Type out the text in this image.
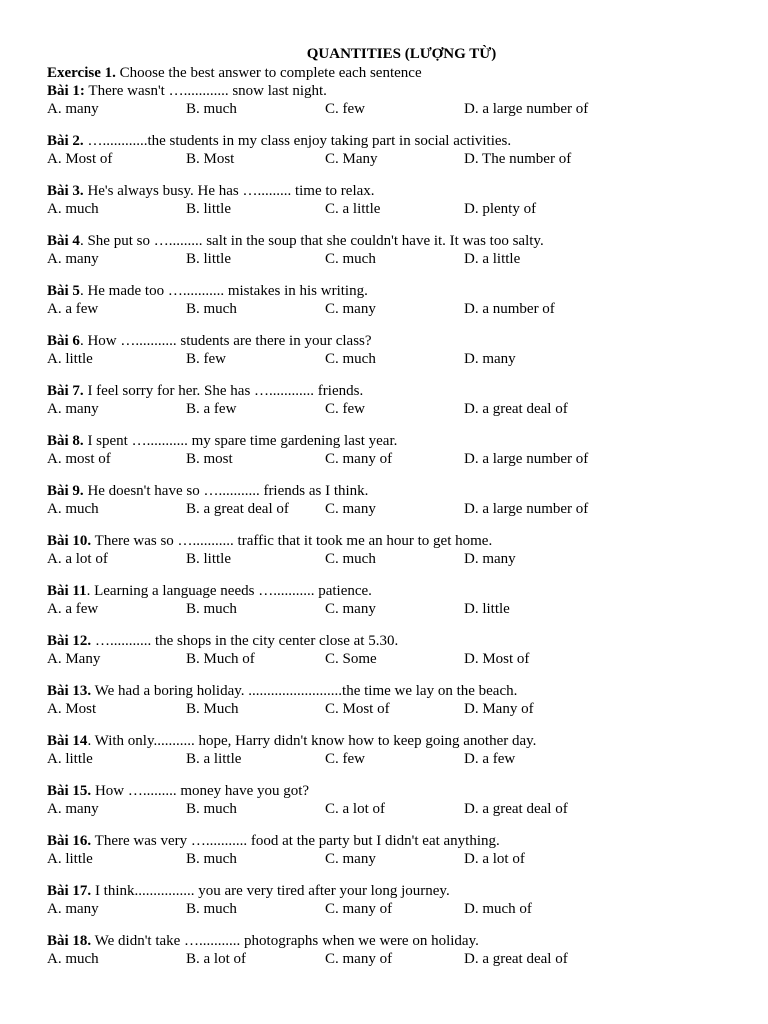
QUANTITIES (LƯỢNG TỪ)
Exercise 1. Choose the best answer to complete each sentence
Bài 1: There wasn't …............ snow last night.
A. many	B. much	C. few	D. a large number of
Bài 2. …............the students in my class enjoy taking part in social activities.
A. Most of	B. Most	C. Many	D. The number of
Bài 3. He's always busy. He has …......... time to relax.
A. much	B. little	C. a little	D. plenty of
Bài 4. She put so …......... salt in the soup that she couldn't have it. It was too salty.
A. many	B. little	C. much	D. a little
Bài 5. He made too …........... mistakes in his writing.
A. a few	B. much	C. many	D. a number of
Bài 6. How …........... students are there in your class?
A. little	B. few	C. much	D. many
Bài 7. I feel sorry for her. She has …............ friends.
A. many	B. a few	C. few	D. a great deal of
Bài 8. I spent …........... my spare time gardening last year.
A. most of	B. most	C. many of	D. a large number of
Bài 9. He doesn't have so …........... friends as I think.
A. much	B. a great deal of	C. many	D. a large number of
Bài 10. There was so …........... traffic that it took me an hour to get home.
A. a lot of	B. little	C. much	D. many
Bài 11. Learning a language needs …........... patience.
A. a few	B. much	C. many	D. little
Bài 12. …........... the shops in the city center close at 5.30.
A. Many	B. Much of	C. Some	D. Most of
Bài 13. We had a boring holiday. .........................the time we lay on the beach.
A. Most	B. Much	C. Most of	D. Many of
Bài 14. With only........... hope, Harry didn't know how to keep going another day.
A. little	B. a little	C. few	D. a few
Bài 15. How …......... money have you got?
A. many	B. much	C. a lot of	D. a great deal of
Bài 16. There was very …........... food at the party but I didn't eat anything.
A. little	B. much	C. many	D. a lot of
Bài 17. I think................ you are very tired after your long journey.
A. many	B. much	C. many of	D. much of
Bài 18. We didn't take …........... photographs when we were on holiday.
A. much	B. a lot of	C. many of	D. a great deal of
